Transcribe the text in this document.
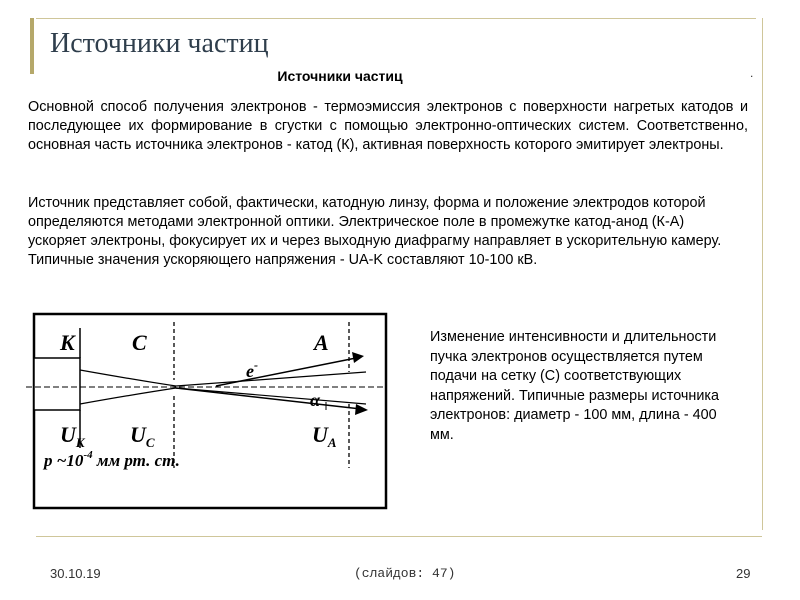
Источники частиц
Источники частиц	.
Основной способ получения электронов - термоэмиссия электронов с поверхности нагретых катодов и последующее их формирование в сгустки с помощью электронно-оптических систем. Соответственно, основная часть источника электронов - катод (К), активная поверхность которого эмитирует электроны.
Источник представляет собой, фактически, катодную линзу, форма и положение электродов которой определяются методами электронной оптики. Электрическое поле в промежутке катод-анод (К-А) ускоряет электроны, фокусирует их и через выходную диафрагму направляет в ускорительную камеру. Типичные значения ускоряющего напряжения - UA-K составляют 10-100 кВ.
K	C	A
e-
α
$U_K$ $U_C$	$U_A$
p $\sim 10^{-4}$ мм рт. ст.
Изменение интенсивности и длительности пучка электронов осуществляется путем подачи на сетку (С) соответствующих напряжений. Типичные размеры источника электронов: диаметр - 100 мм, длина - 400 мм.
30.10.19	(слайдов: 47)	29
